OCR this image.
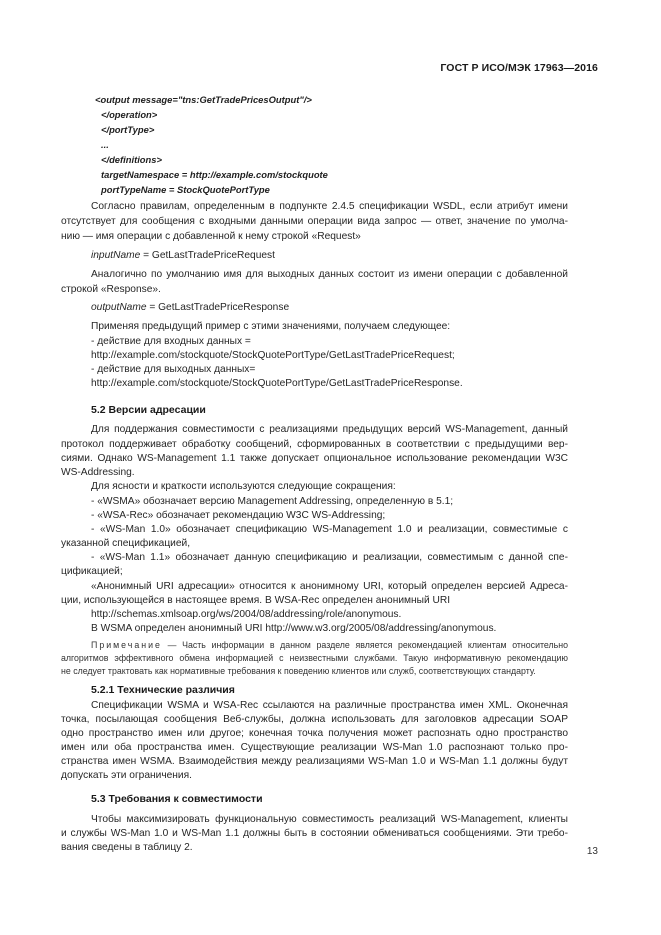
ГОСТ Р ИСО/МЭК 17963—2016
<output message="tns:GetTradePricesOutput"/>
</operation>
</portType>
...
</definitions>
targetNamespace = http://example.com/stockquote
portTypeName = StockQuotePortType
Согласно правилам, определенным в подпункте 2.4.5 спецификации WSDL, если атрибут имени
отсутствует для сообщения с входными данными операции вида запрос — ответ, значение по умолча-
нию — имя операции с добавленной к нему строкой «Request»
inputName = GetLastTradePriceRequest
Аналогично по умолчанию имя для выходных данных состоит из имени операции с добавленной
строкой «Response».
outputName = GetLastTradePriceResponse
Применяя предыдущий пример с этими значениями, получаем следующее:
- действие для входных данных =
http://example.com/stockquote/StockQuotePortType/GetLastTradePriceRequest;
- действие для выходных данных=
http://example.com/stockquote/StockQuotePortType/GetLastTradePriceResponse.
5.2 Версии адресации
Для поддержания совместимости с реализациями предыдущих версий WS-Management, данный
протокол поддерживает обработку сообщений, сформированных в соответствии с предыдущими вер-
сиями. Однако WS-Management 1.1 также допускает опциональное использование рекомендации W3C
WS-Addressing.
Для ясности и краткости используются следующие сокращения:
- «WSMA» обозначает версию Management Addressing, определенную в 5.1;
- «WSA-Rec» обозначает рекомендацию W3C WS-Addressing;
- «WS-Man 1.0» обозначает спецификацию WS-Management 1.0 и реализации, совместимые с
указанной спецификацией,
- «WS-Man 1.1» обозначает данную спецификацию и реализации, совместимым с данной спе-
цификацией;
«Анонимный URI адресации» относится к анонимному URI, который определен версией Адреса-
ции, использующейся в настоящее время. В WSA-Rec определен анонимный URI
http://schemas.xmlsoap.org/ws/2004/08/addressing/role/anonymous.
В WSMA определен анонимный URI http://www.w3.org/2005/08/addressing/anonymous.
Примечание — Часть информации в данном разделе является рекомендацией клиентам относительно
алгоритмов эффективного обмена информацией с неизвестными службами. Такую информативную рекомендацию
не следует трактовать как нормативные требования к поведению клиентов или служб, соответствующих стандарту.
5.2.1 Технические различия
Спецификации WSMA и WSA-Rec ссылаются на различные пространства имен XML. Оконечная
точка, посылающая сообщения Веб-службы, должна использовать для заголовков адресации SOAP
одно пространство имен или другое; конечная точка получения может распознать одно пространство
имен или оба пространства имен. Существующие реализации WS-Man 1.0 распознают только про-
странства имен WSMA. Взаимодействия между реализациями WS-Man 1.0 и WS-Man 1.1 должны будут
допускать эти ограничения.
5.3 Требования к совместимости
Чтобы максимизировать функциональную совместимость реализаций WS-Management, клиенты
и службы WS-Man 1.0 и WS-Man 1.1 должны быть в состоянии обмениваться сообщениями. Эти требо-
вания сведены в таблицу 2.	13
